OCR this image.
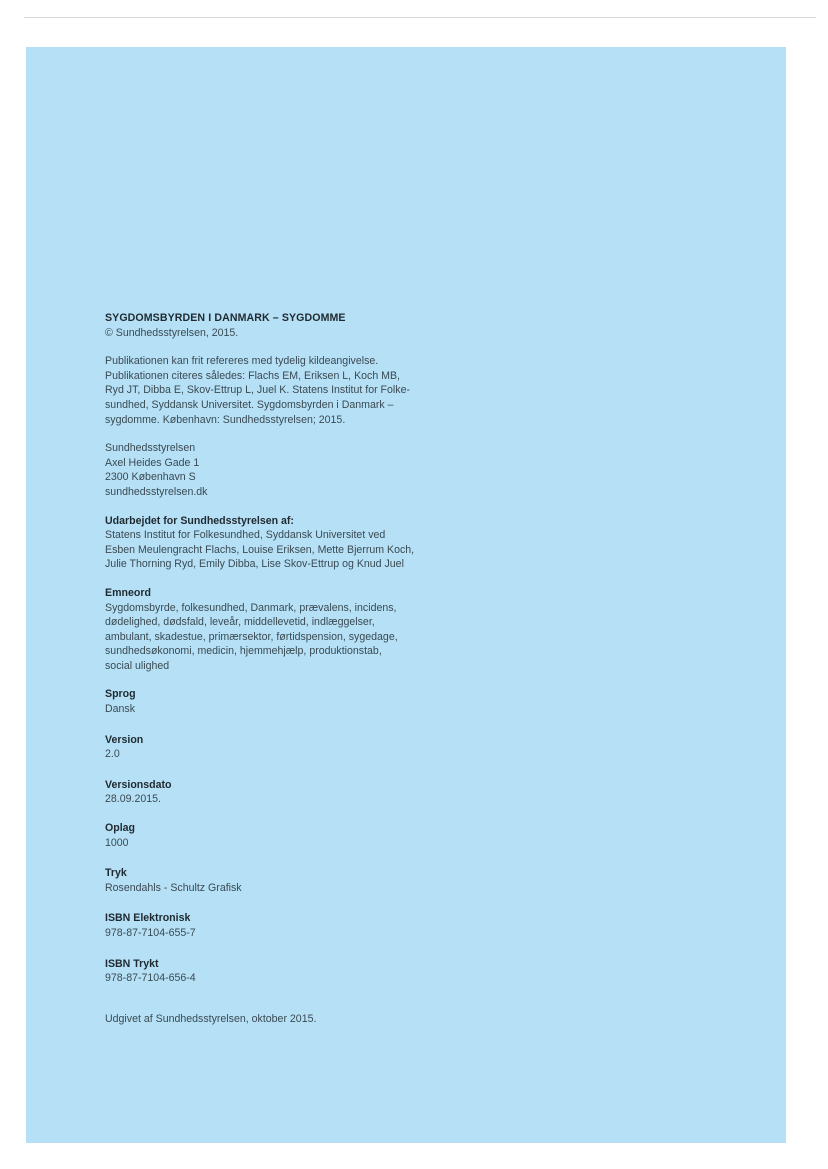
SYGDOMSBYRDEN I DANMARK – SYGDOMME
© Sundhedsstyrelsen, 2015.
Publikationen kan frit refereres med tydelig kildeangivelse.
Publikationen citeres således: Flachs EM, Eriksen L, Koch MB,
Ryd JT, Dibba E, Skov-Ettrup L, Juel K. Statens Institut for Folke-
sundhed, Syddansk Universitet. Sygdomsbyrden i Danmark –
sygdomme. København: Sundhedsstyrelsen; 2015.
Sundhedsstyrelsen
Axel Heides Gade 1
2300 København S
sundhedsstyrelsen.dk
Udarbejdet for Sundhedsstyrelsen af:
Statens Institut for Folkesundhed, Syddansk Universitet ved
Esben Meulengracht Flachs, Louise Eriksen, Mette Bjerrum Koch,
Julie Thorning Ryd, Emily Dibba, Lise Skov-Ettrup og Knud Juel
Emneord
Sygdomsbyrde, folkesundhed, Danmark, prævalens, incidens,
dødelighed, dødsfald, leveår, middellevetid, indlæggelser,
ambulant, skadestue, primærsektor, førtidspension, sygedage,
sundhedsøkonomi, medicin, hjemmehjælp, produktionstab,
social ulighed
Sprog
Dansk
Version
2.0
Versionsdato
28.09.2015.
Oplag
1000
Tryk
Rosendahls - Schultz Grafisk
ISBN Elektronisk
978-87-7104-655-7
ISBN Trykt
978-87-7104-656-4
Udgivet af Sundhedsstyrelsen, oktober 2015.
